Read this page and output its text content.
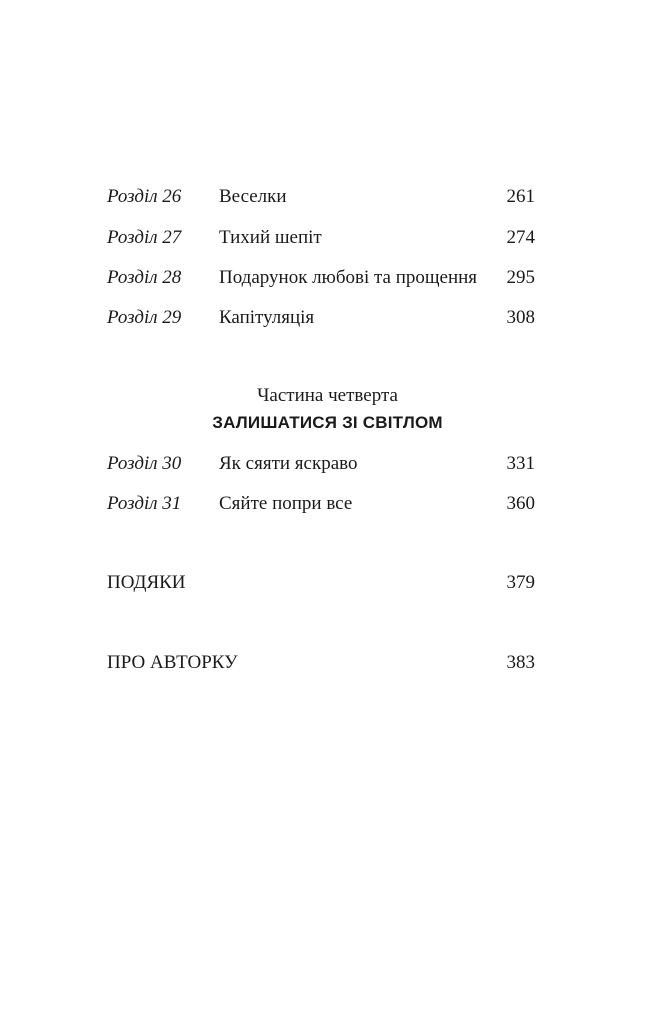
Розділ 26 Веселки	261
Розділ 27 Тихий шепіт	274
Розділ 28 Подарунок любові та прощення 295
Розділ 29 Капітуляція	308
Частина четверта
ЗАЛИШАТИСЯ ЗІ СВІТЛОМ
Розділ 30 Як сяяти яскраво	331
Розділ 31 Сяйте попри все	360
ПОДЯКИ	379
ПРО АВТОРКУ	383
